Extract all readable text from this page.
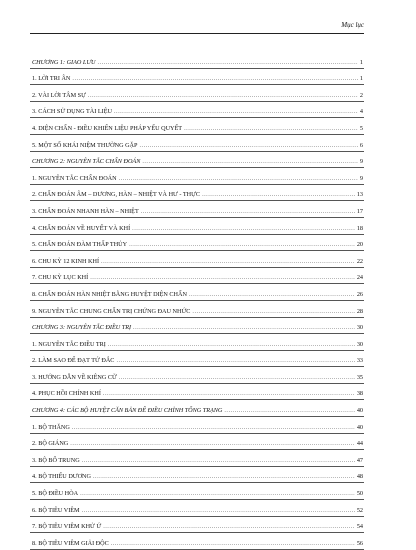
Mục lục
CHƯƠNG 1: GIAO LƯU .....	1
1. LỜI TRI ÂN .....	1
2. VÀI LỜI TÂM SỰ .....	2
3. CÁCH SỬ DỤNG TÀI LIỆU .....	4
4. DIỆN CHẨN - ĐIỀU KHIỂN LIỆU PHÁP YẾU QUYẾT .....	5
5. MỘT SỐ KHÁI NIỆM THƯỜNG GẶP .....	6
CHƯƠNG 2: NGUYÊN TẮC CHẨN ĐOÁN .....	9
1. NGUYÊN TẮC CHẨN ĐOÁN .....	9
2. CHẨN ĐOÁN ÂM – DƯƠNG, HÀN – NHIỆT VÀ HƯ - THỰC .....	13
3. CHẨN ĐOÁN NHANH HÀN – NHIỆT .....	17
4. CHẨN ĐOÁN VỀ HUYẾT VÀ KHÍ .....	18
5. CHẨN ĐOÁN ĐÀM THẤP THỦY .....	20
6. CHU KỲ 12 KINH KHÍ .....	22
7. CHU KỲ LỤC KHÍ .....	24
8. CHẨN ĐOÁN HÀN NHIỆT BẰNG HUYỆT DIỆN CHẨN .....	26
9. NGUYÊN TẮC CHUNG CHẨN TRỊ CHỨNG ĐAU NHỨC .....	28
CHƯƠNG 3: NGUYÊN TẮC ĐIỀU TRỊ .....	30
1. NGUYÊN TẮC ĐIỀU TRỊ .....	30
2. LÀM SAO ĐỂ ĐẠT TỨ ĐẮC .....	33
3. HƯỚNG DẪN VỀ KIÊNG CỮ .....	35
4. PHỤC HỒI CHÍNH KHÍ .....	38
CHƯƠNG 4: CÁC BỘ HUYỆT CĂN BẢN ĐỂ ĐIỀU CHỈNH TỔNG TRẠNG .....	40
1. BỘ THĂNG .....	40
2. BỘ GIÁNG .....	44
3. BỘ BỔ TRUNG .....	47
4. BỘ THIẾU DƯƠNG .....	48
5. BỘ ĐIỀU HÒA .....	50
6. BỘ TIÊU VIÊM .....	52
7. BỘ TIÊU VIÊM KHỬ Ứ .....	54
8. BỘ TIÊU VIÊM GIẢI ĐỘC .....	56
